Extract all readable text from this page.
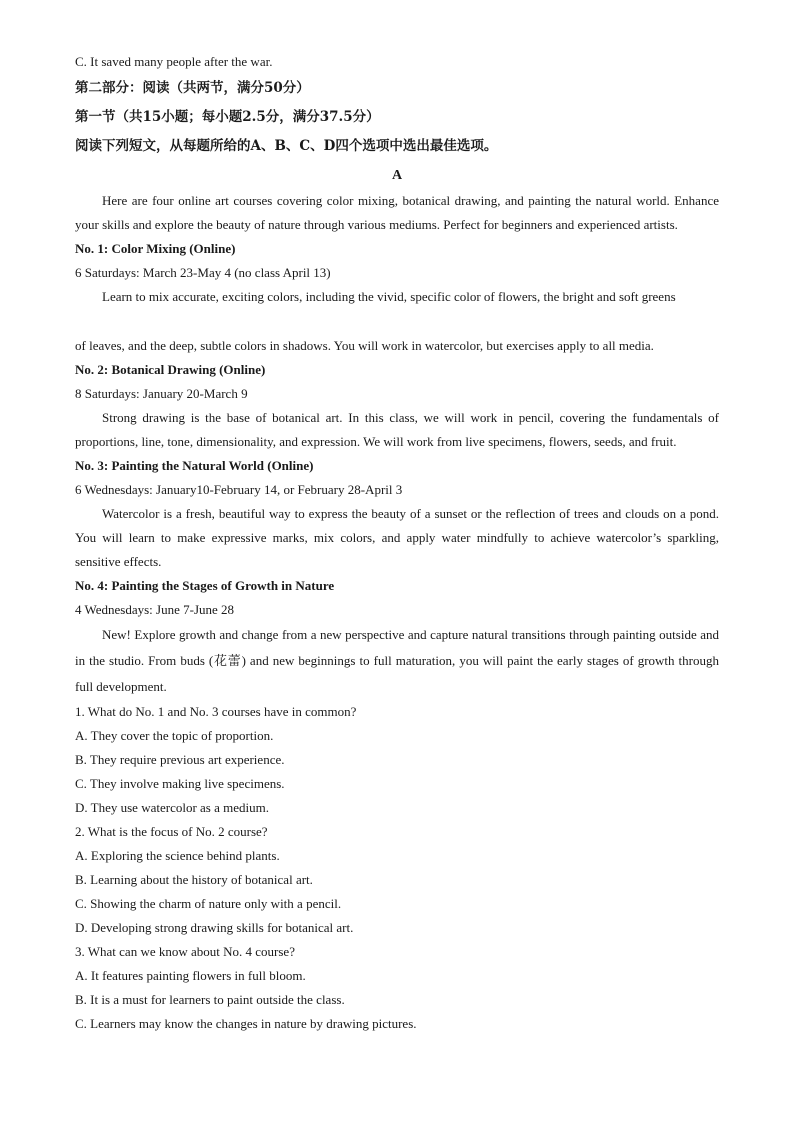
C. It saved many people after the war.

第二部分：阅读（共两节，满分50分）
第一节（共15小题；每小题2.5分，满分37.5分）
阅读下列短文，从每题所给的A、B、C、D四个选项中选出最佳选项。
A

Here are four online art courses covering color mixing, botanical drawing, and painting the natural world. Enhance your skills and explore the beauty of nature through various mediums. Perfect for beginners and experienced artists.

No. 1: Color Mixing (Online)

6 Saturdays: March 23-May 4 (no class April 13)

Learn to mix accurate, exciting colors, including the vivid, specific color of flowers, the bright and soft greens

of leaves, and the deep, subtle colors in shadows. You will work in watercolor, but exercises apply to all media.

No. 2: Botanical Drawing (Online)

8 Saturdays: January 20-March 9

Strong drawing is the base of botanical art. In this class, we will work in pencil, covering the fundamentals of proportions, line, tone, dimensionality, and expression. We will work from live specimens, flowers, seeds, and fruit.

No. 3: Painting the Natural World (Online)

6 Wednesdays: January10-February 14, or February 28-April 3

Watercolor is a fresh, beautiful way to express the beauty of a sunset or the reflection of trees and clouds on a pond. You will learn to make expressive marks, mix colors, and apply water mindfully to achieve watercolor’s sparkling, sensitive effects.

No. 4: Painting the Stages of Growth in Nature

4 Wednesdays: June 7-June 28

New! Explore growth and change from a new perspective and capture natural transitions through painting outside and in the studio. From buds (花蕾) and new beginnings to full maturation, you will paint the early stages of growth through full development.

1. What do No. 1 and No. 3 courses have in common?

A. They cover the topic of proportion.

B. They require previous art experience.

C. They involve making live specimens.

D. They use watercolor as a medium.

2. What is the focus of No. 2 course?

A. Exploring the science behind plants.

B. Learning about the history of botanical art.

C. Showing the charm of nature only with a pencil.

D. Developing strong drawing skills for botanical art.

3. What can we know about No. 4 course?

A. It features painting flowers in full bloom.

B. It is a must for learners to paint outside the class.

C. Learners may know the changes in nature by drawing pictures.
